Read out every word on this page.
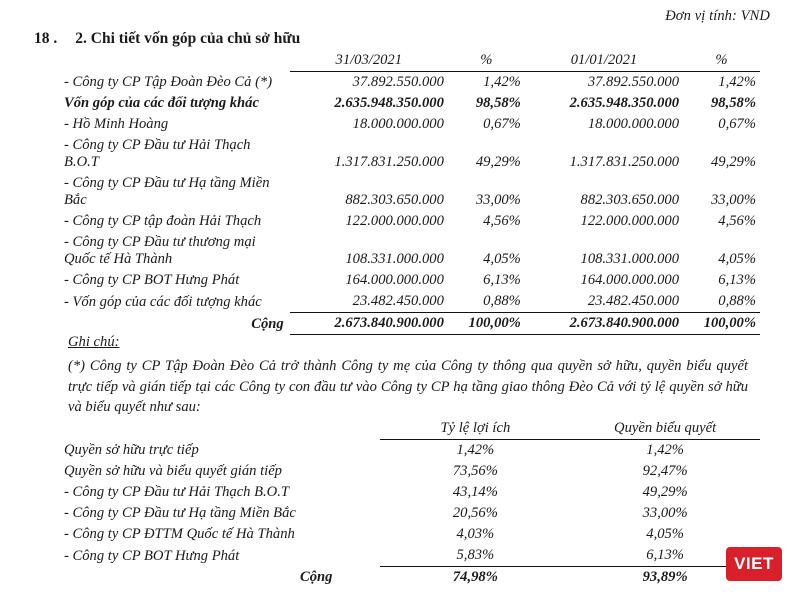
Đơn vị tính: VND
18 . 2. Chi tiết vốn góp của chủ sở hữu
	31/03/2021	%	01/01/2021	%
- Công ty CP Tập Đoàn Đèo Cả (*)	37.892.550.000	1,42%	37.892.550.000	1,42%
Vốn góp của các đối tượng khác	2.635.948.350.000	98,58%	2.635.948.350.000	98,58%
- Hồ Minh Hoàng	18.000.000.000	0,67%	18.000.000.000	0,67%
- Công ty CP Đầu tư Hải Thạch B.O.T	1.317.831.250.000	49,29%	1.317.831.250.000	49,29%
- Công ty CP Đầu tư Hạ tầng Miền Bắc	882.303.650.000	33,00%	882.303.650.000	33,00%
- Công ty CP tập đoàn Hải Thạch	122.000.000.000	4,56%	122.000.000.000	4,56%
- Công ty CP Đầu tư thương mại Quốc tế Hà Thành	108.331.000.000	4,05%	108.331.000.000	4,05%
- Công ty CP BOT Hưng Phát	164.000.000.000	6,13%	164.000.000.000	6,13%
- Vốn góp của các đối tượng khác	23.482.450.000	0,88%	23.482.450.000	0,88%
Cộng	2.673.840.900.000	100,00%	2.673.840.900.000	100,00%
Ghi chú:
(*) Công ty CP Tập Đoàn Đèo Cả trở thành Công ty mẹ của Công ty thông qua quyền sở hữu, quyền biểu quyết trực tiếp và gián tiếp tại các Công ty con đầu tư vào Công ty CP hạ tầng giao thông Đèo Cả với tỷ lệ quyền sở hữu và biểu quyết như sau:
	Tỷ lệ lợi ích	Quyền biểu quyết
Quyền sở hữu trực tiếp	1,42%	1,42%
Quyền sở hữu và biểu quyết gián tiếp	73,56%	92,47%
- Công ty CP Đầu tư Hải Thạch B.O.T	43,14%	49,29%
- Công ty CP Đầu tư Hạ tầng Miền Bắc	20,56%	33,00%
- Công ty CP ĐTTM Quốc tế Hà Thành	4,03%	4,05%
- Công ty CP BOT Hưng Phát	5,83%	6,13%
Cộng	74,98%	93,89%
VIET
